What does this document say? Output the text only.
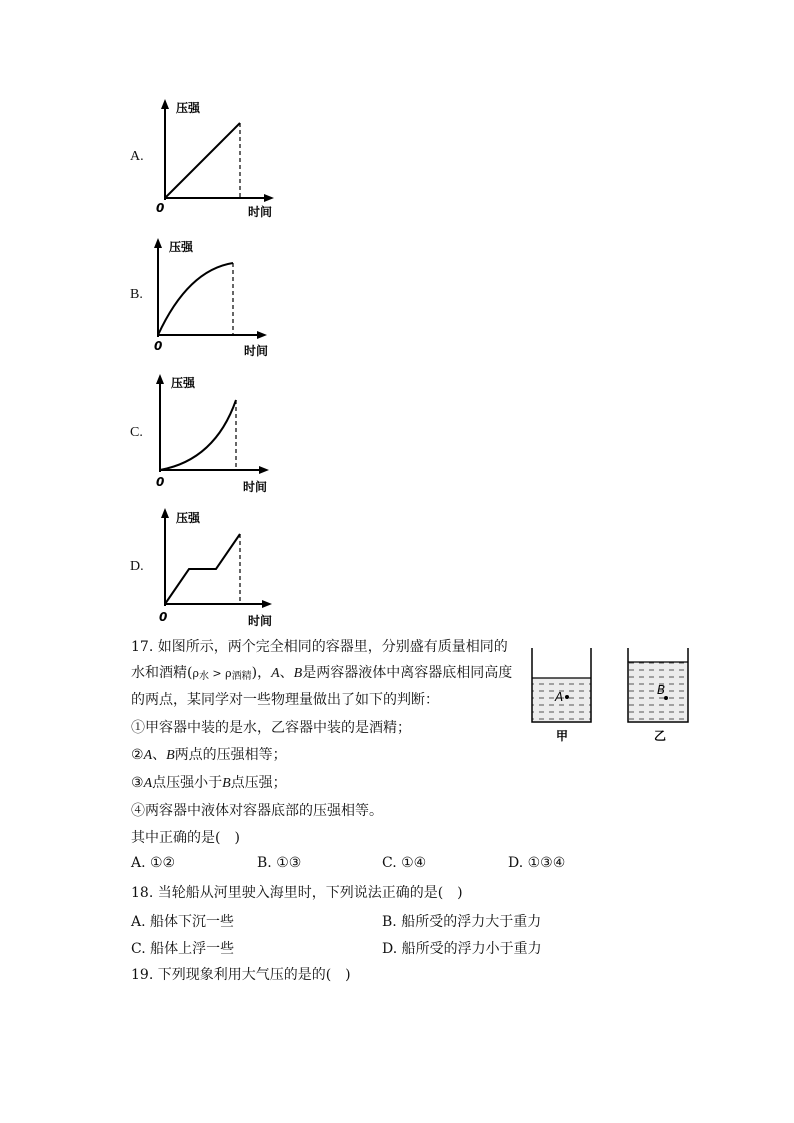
A.
压强
0	时间
B.
压强
0	时间
C.
压强
0	时间
D.
压强
0	时间
17. 如图所示，两个完全相同的容器里，分别盛有质量相同的
水和酒精$(\rho_水 > \rho_{酒精})$，A、B是两容器液体中离容器底相同高度
的两点，某同学对一些物理量做出了如下的判断：
①甲容器中装的是水，乙容器中装的是酒精；
②A、B两点的压强相等；
③A点压强小于B点压强；
④两容器中液体对容器底部的压强相等。
其中正确的是(　)
A. ①②	B. ①③	C. ①④	D. ①③④
A
甲
B
乙
18. 当轮船从河里驶入海里时，下列说法正确的是(　)
A. 船体下沉一些	B. 船所受的浮力大于重力
C. 船体上浮一些	D. 船所受的浮力小于重力
19. 下列现象利用大气压的是的(　)
